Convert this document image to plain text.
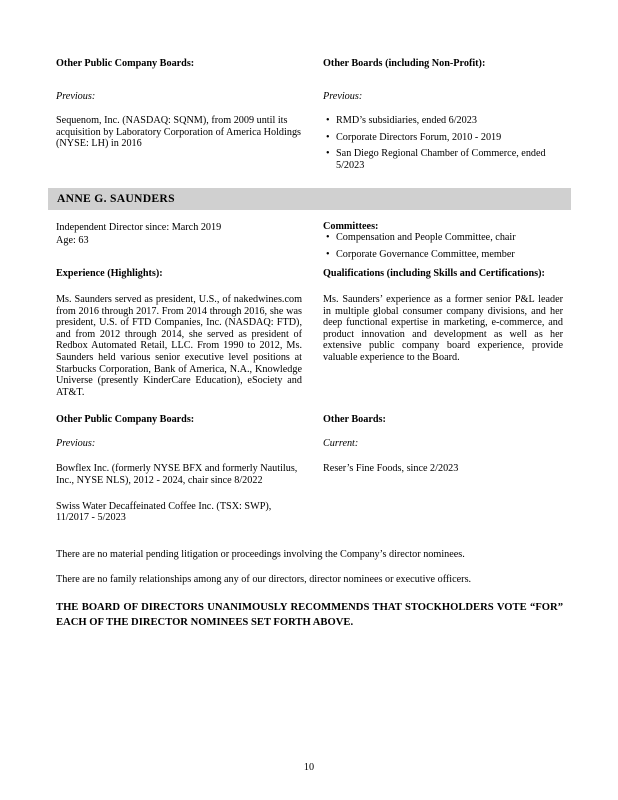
Other Public Company Boards:	Other Boards (including Non-Profit):
Previous:	Previous:
Sequenom, Inc. (NASDAQ: SQNM), from 2009 until its acquisition by Laboratory Corporation of America Holdings (NYSE: LH) in 2016
• RMD’s subsidiaries, ended 6/2023
• Corporate Directors Forum, 2010 - 2019
• San Diego Regional Chamber of Commerce, ended 5/2023
ANNE G. SAUNDERS
Independent Director since: March 2019
Age: 63
Committees:
• Compensation and People Committee, chair
• Corporate Governance Committee, member
Experience (Highlights):	Qualifications (including Skills and Certifications):
Ms. Saunders served as president, U.S., of nakedwines.com from 2016 through 2017. From 2014 through 2016, she was president, U.S. of FTD Companies, Inc. (NASDAQ: FTD), and from 2012 through 2014, she served as president of Redbox Automated Retail, LLC. From 1990 to 2012, Ms. Saunders held various senior executive level positions at Starbucks Corporation, Bank of America, N.A., Knowledge Universe (presently KinderCare Education), eSociety and AT&T.
Ms. Saunders’ experience as a former senior P&L leader in multiple global consumer company divisions, and her deep functional expertise in marketing, e-commerce, and product innovation and development as well as her extensive public company board experience, provide valuable experience to the Board.
Other Public Company Boards:	Other Boards:
Previous:	Current:
Bowflex Inc. (formerly NYSE BFX and formerly Nautilus, Inc., NYSE NLS), 2012 - 2024, chair since 8/2022
Swiss Water Decaffeinated Coffee Inc. (TSX: SWP), 11/2017 - 5/2023
Reser’s Fine Foods, since 2/2023
There are no material pending litigation or proceedings involving the Company’s director nominees.
There are no family relationships among any of our directors, director nominees or executive officers.
THE BOARD OF DIRECTORS UNANIMOUSLY RECOMMENDS THAT STOCKHOLDERS VOTE “FOR” EACH OF THE DIRECTOR NOMINEES SET FORTH ABOVE.
10
